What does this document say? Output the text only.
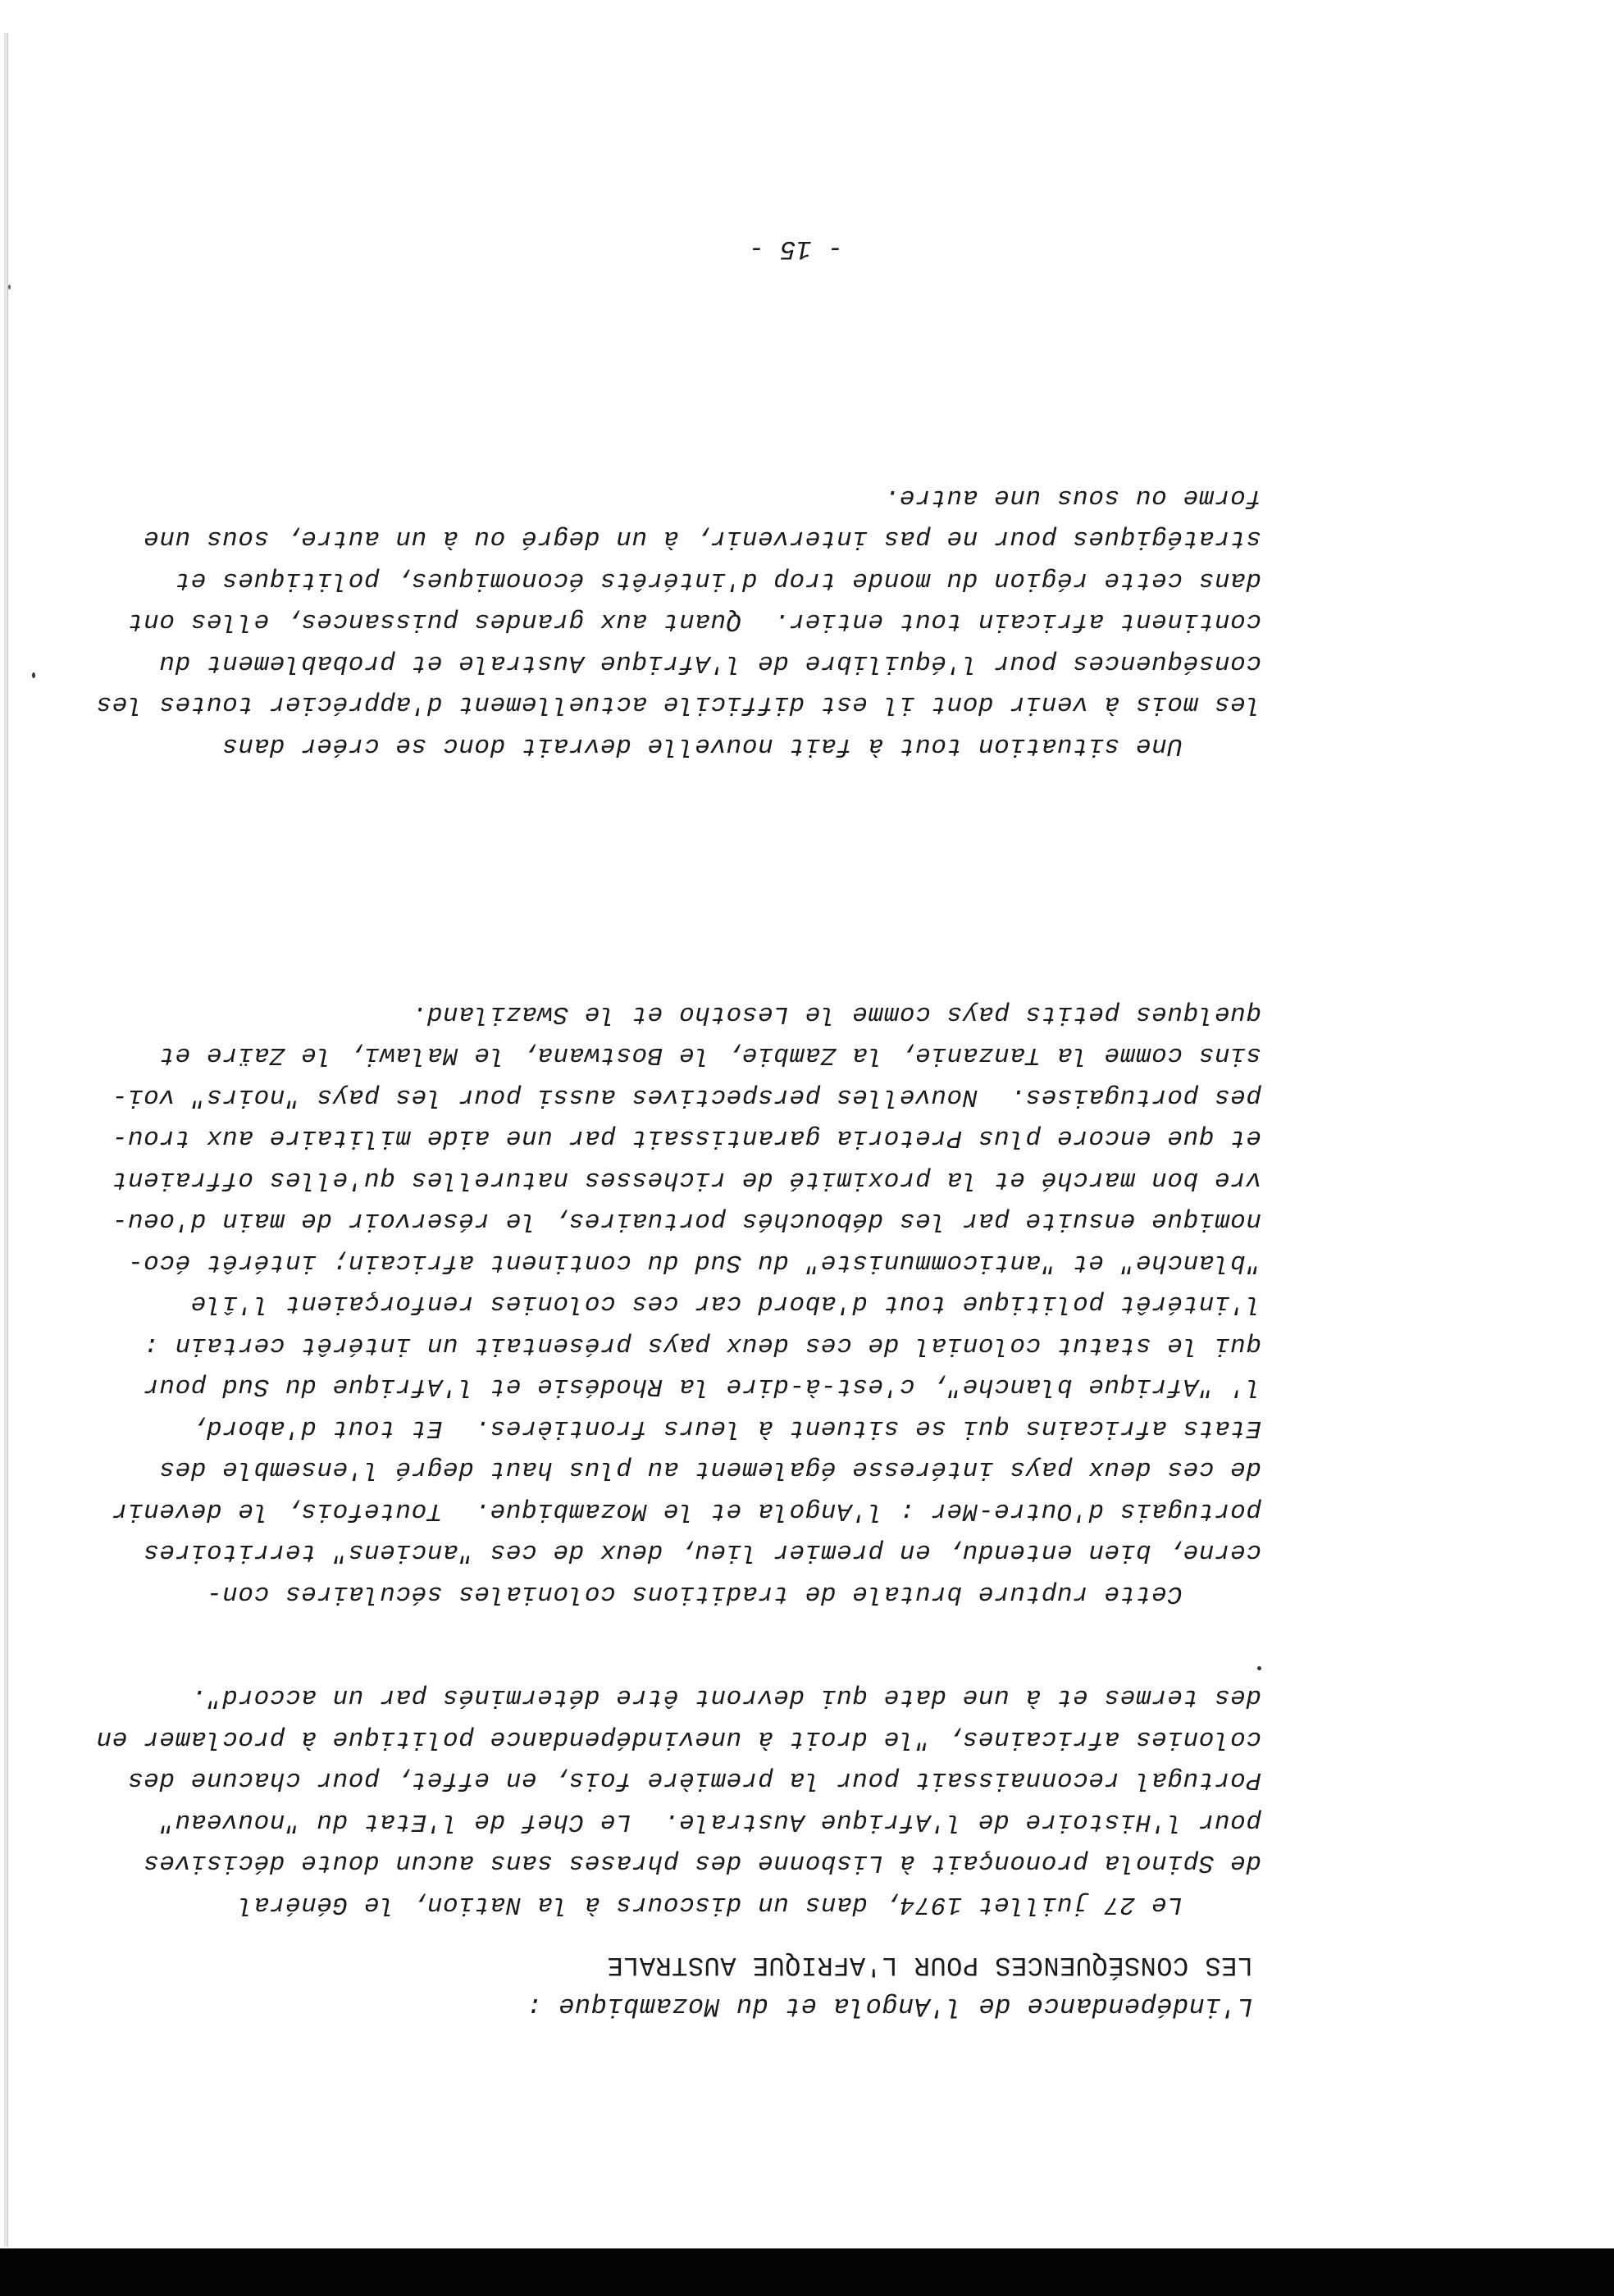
L'indépendance de l'Angola et du Mozambique :
LES CONSÉQUENCES POUR L'AFRIQUE AUSTRALE
Le 27 juillet 1974, dans un discours à la Nation, le Général
de Spinola prononçait à Lisbonne des phrases sans aucun doute décisives
pour l'Histoire de l'Afrique Australe.  Le Chef de l'Etat du "nouveau"
Portugal reconnaissait pour la première fois, en effet, pour chacune des
colonies africaines, "le droit à unevindépendance politique à proclamer en
des termes et à une date qui devront être déterminés par un accord".
Cette rupture brutale de traditions coloniales séculaires con-
cerne, bien entendu, en premier lieu, deux de ces "anciens" territoires
portugais d'Outre-Mer : l'Angola et le Mozambique.  Toutefois, le devenir
de ces deux pays intéresse également au plus haut degré l'ensemble des
Etats africains qui se situent à leurs frontières.  Et tout d'abord,
l' "Afrique blanche", c'est-à-dire la Rhodésie et l'Afrique du Sud pour
qui le statut colonial de ces deux pays présentait un intérêt certain :
l'intérêt politique tout d'abord car ces colonies renforçaient l'île
"blanche" et "anticommuniste" du Sud du continent africain; intérêt éco-
nomique ensuite par les débouchés portuaires, le réservoir de main d'oeu-
vre bon marché et la proximité de richesses naturelles qu'elles offraient
et que encore plus Pretoria garantissait par une aide militaire aux trou-
pes portugaises.  Nouvelles perspectives aussi pour les pays "noirs" voi-
sins comme la Tanzanie, la Zambie, le Bostwana, le Malawi, le Zaïre et
quelques petits pays comme le Lesotho et le Swaziland.
Une situation tout à fait nouvelle devrait donc se créer dans
les mois à venir dont il est difficile actuellement d'apprécier toutes les
conséquences pour l'équilibre de l'Afrique Australe et probablement du
continent africain tout entier.  Quant aux grandes puissances, elles ont
dans cette région du monde trop d'intérêts économiques, politiques et
stratégiques pour ne pas intervenir, à un degré ou à un autre, sous une
forme ou sous une autre.
- 15 -
